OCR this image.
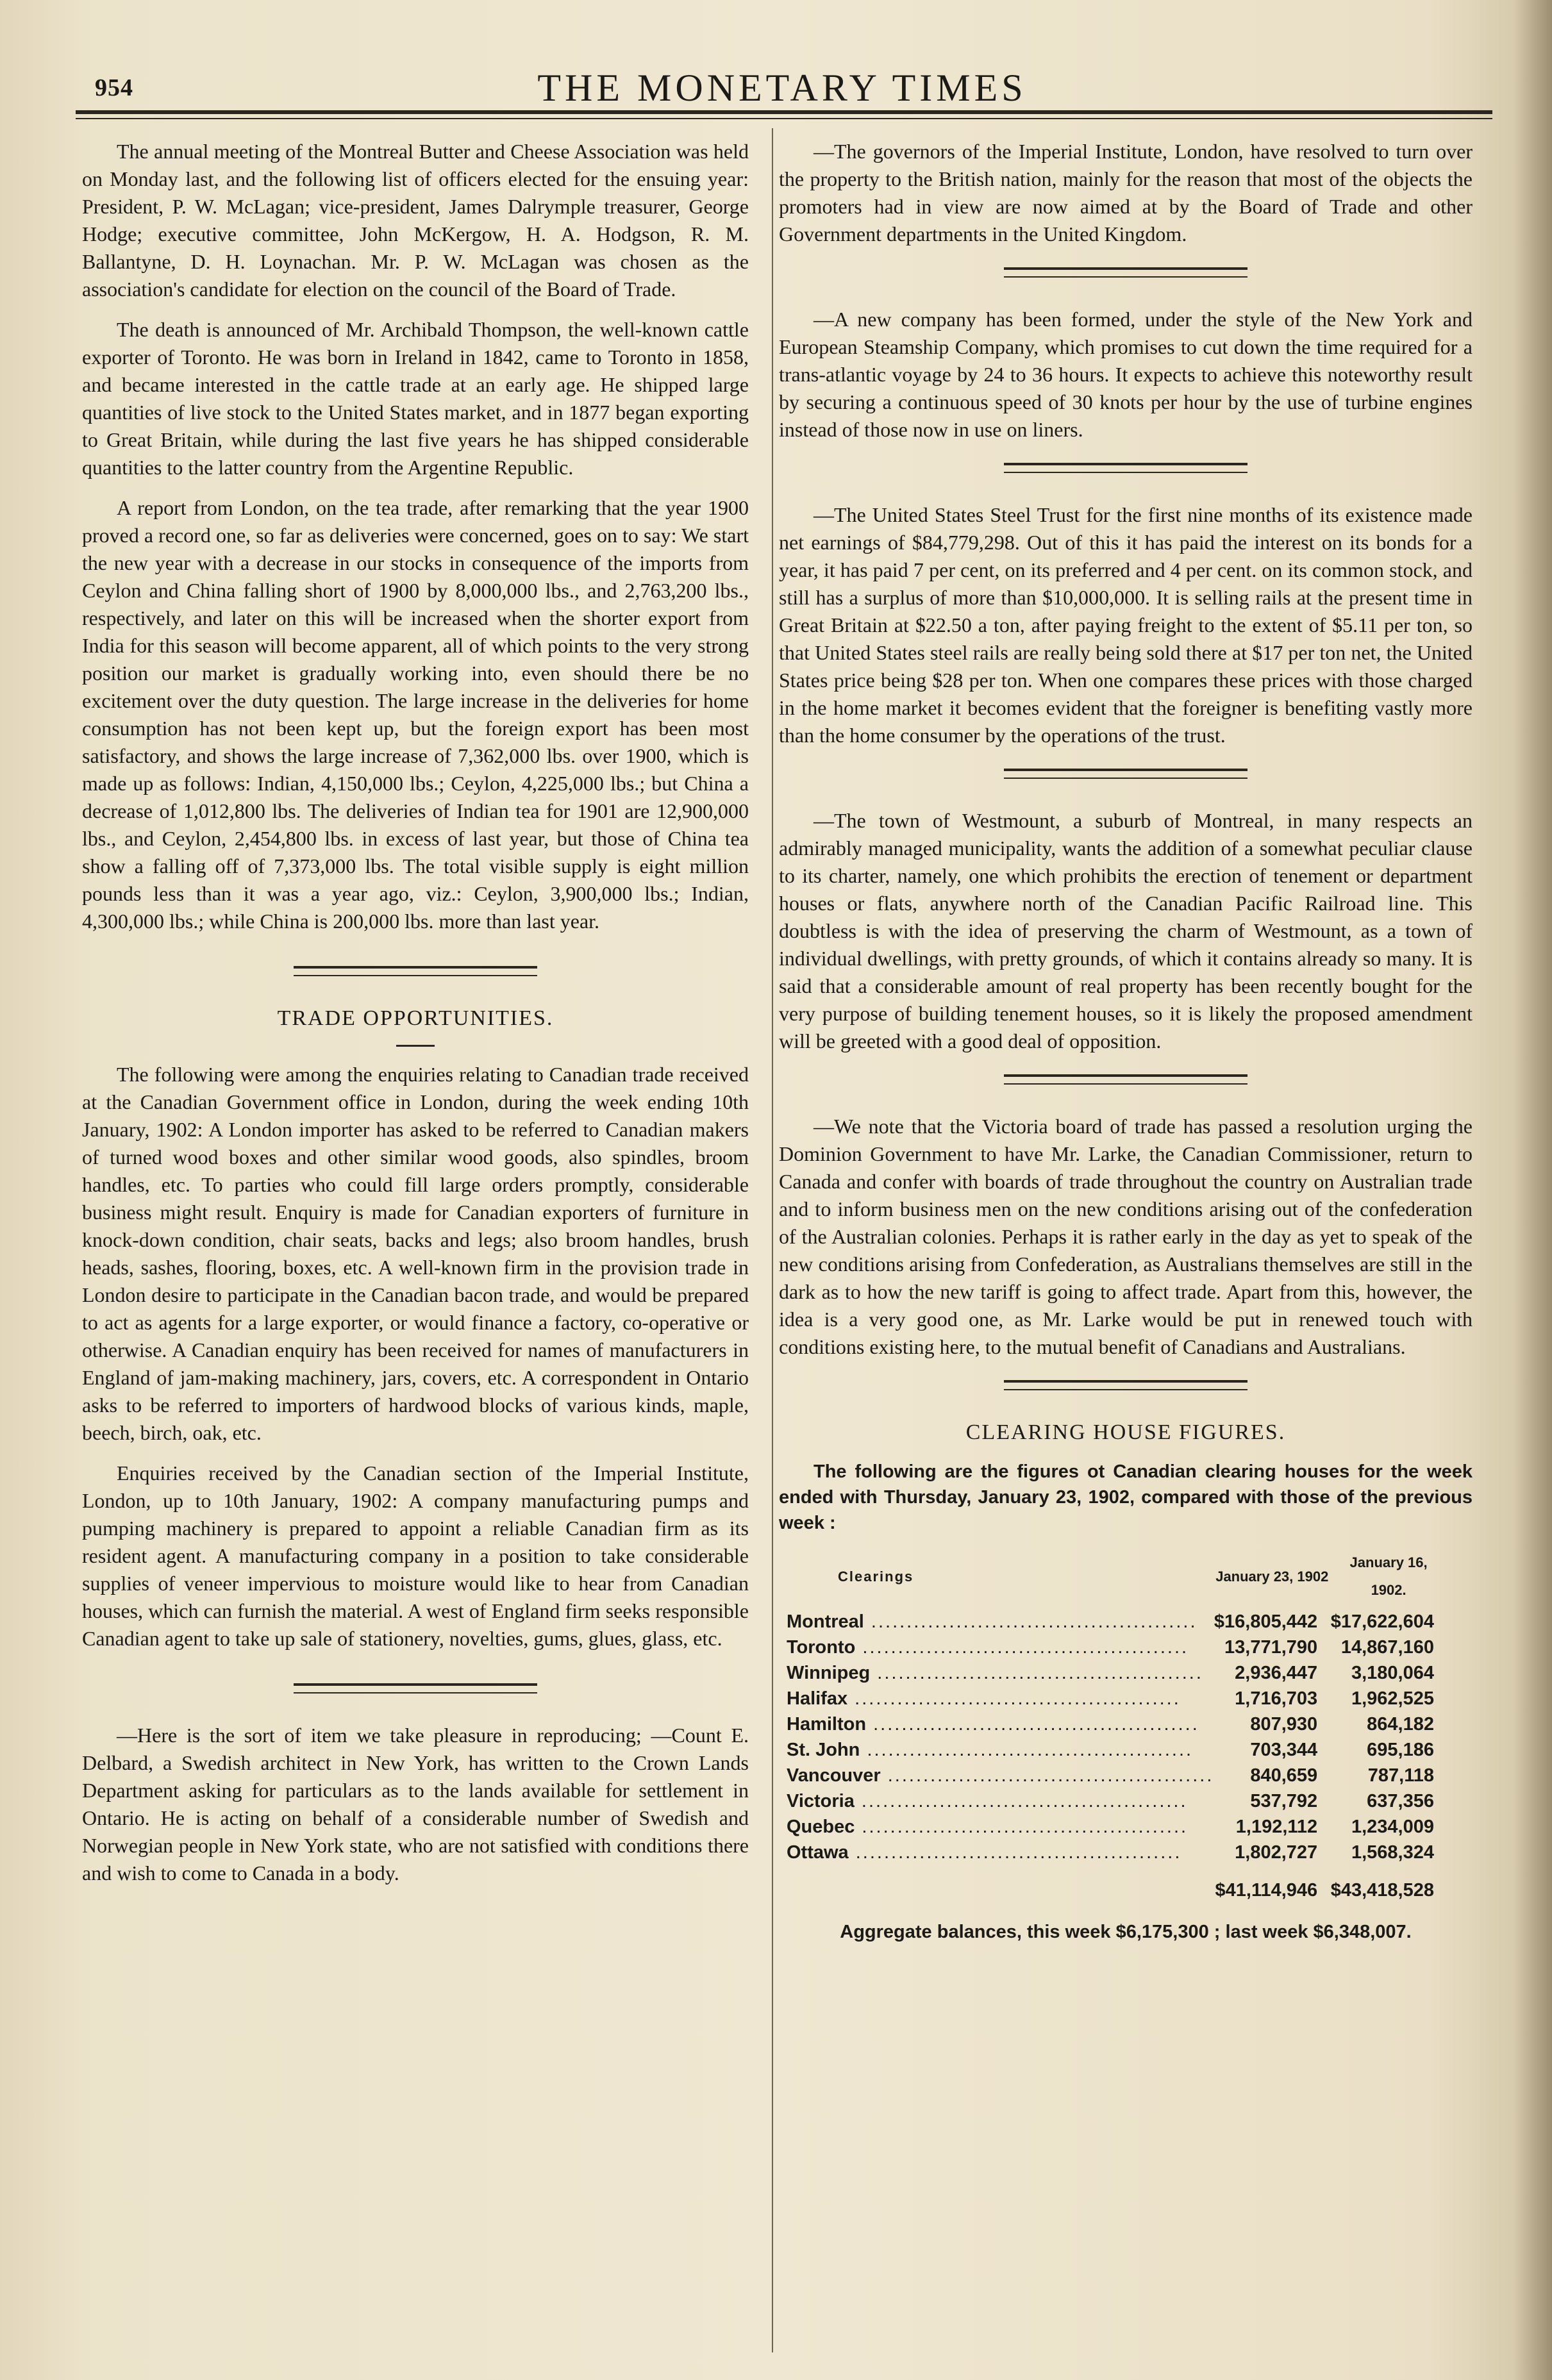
954	THE MONETARY TIMES

The annual meeting of the Montreal Butter and Cheese Association was held on Monday last, and the following list of officers elected for the ensuing year: President, P. W. McLagan; vice-president, James Dalrymple treasurer, George Hodge; executive committee, John McKergow, H. A. Hodgson, R. M. Ballantyne, D. H. Loynachan. Mr. P. W. McLagan was chosen as the association's candidate for election on the council of the Board of Trade.

The death is announced of Mr. Archibald Thompson, the well-known cattle exporter of Toronto. He was born in Ireland in 1842, came to Toronto in 1858, and became interested in the cattle trade at an early age. He shipped large quantities of live stock to the United States market, and in 1877 began exporting to Great Britain, while during the last five years he has shipped considerable quantities to the latter country from the Argentine Republic.

A report from London, on the tea trade, after remarking that the year 1900 proved a record one, so far as deliveries were concerned, goes on to say: We start the new year with a decrease in our stocks in consequence of the imports from Ceylon and China falling short of 1900 by 8,000,000 lbs., and 2,763,200 lbs., respectively, and later on this will be increased when the shorter export from India for this season will become apparent, all of which points to the very strong position our market is gradually working into, even should there be no excitement over the duty question. The large increase in the deliveries for home consumption has not been kept up, but the foreign export has been most satisfactory, and shows the large increase of 7,362,000 lbs. over 1900, which is made up as follows: Indian, 4,150,000 lbs.; Ceylon, 4,225,000 lbs.; but China a decrease of 1,012,800 lbs. The deliveries of Indian tea for 1901 are 12,900,000 lbs., and Ceylon, 2,454,800 lbs. in excess of last year, but those of China tea show a falling off of 7,373,000 lbs. The total visible supply is eight million pounds less than it was a year ago, viz.: Ceylon, 3,900,000 lbs.; Indian, 4,300,000 lbs.; while China is 200,000 lbs. more than last year.

TRADE OPPORTUNITIES.

The following were among the enquiries relating to Canadian trade received at the Canadian Government office in London, during the week ending 10th January, 1902: A London importer has asked to be referred to Canadian makers of turned wood boxes and other similar wood goods, also spindles, broom handles, etc. To parties who could fill large orders promptly, considerable business might result. Enquiry is made for Canadian exporters of furniture in knock-down condition, chair seats, backs and legs; also broom handles, brush heads, sashes, flooring, boxes, etc. A well-known firm in the provision trade in London desire to participate in the Canadian bacon trade, and would be prepared to act as agents for a large exporter, or would finance a factory, co-operative or otherwise. A Canadian enquiry has been received for names of manufacturers in England of jam-making machinery, jars, covers, etc. A correspondent in Ontario asks to be referred to importers of hardwood blocks of various kinds, maple, beech, birch, oak, etc.

Enquiries received by the Canadian section of the Imperial Institute, London, up to 10th January, 1902: A company manufacturing pumps and pumping machinery is prepared to appoint a reliable Canadian firm as its resident agent. A manufacturing company in a position to take considerable supplies of veneer impervious to moisture would like to hear from Canadian houses, which can furnish the material. A west of England firm seeks responsible Canadian agent to take up sale of stationery, novelties, gums, glues, glass, etc.

—Here is the sort of item we take pleasure in reproducing; —Count E. Delbard, a Swedish architect in New York, has written to the Crown Lands Department asking for particulars as to the lands available for settlement in Ontario. He is acting on behalf of a considerable number of Swedish and Norwegian people in New York state, who are not satisfied with conditions there and wish to come to Canada in a body.

—The governors of the Imperial Institute, London, have resolved to turn over the property to the British nation, mainly for the reason that most of the objects the promoters had in view are now aimed at by the Board of Trade and other Government departments in the United Kingdom.

—A new company has been formed, under the style of the New York and European Steamship Company, which promises to cut down the time required for a trans-atlantic voyage by 24 to 36 hours. It expects to achieve this noteworthy result by securing a continuous speed of 30 knots per hour by the use of turbine engines instead of those now in use on liners.

—The United States Steel Trust for the first nine months of its existence made net earnings of $84,779,298. Out of this it has paid the interest on its bonds for a year, it has paid 7 per cent, on its preferred and 4 per cent. on its common stock, and still has a surplus of more than $10,000,000. It is selling rails at the present time in Great Britain at $22.50 a ton, after paying freight to the extent of $5.11 per ton, so that United States steel rails are really being sold there at $17 per ton net, the United States price being $28 per ton. When one compares these prices with those charged in the home market it becomes evident that the foreigner is benefiting vastly more than the home consumer by the operations of the trust.

—The town of Westmount, a suburb of Montreal, in many respects an admirably managed municipality, wants the addition of a somewhat peculiar clause to its charter, namely, one which prohibits the erection of tenement or department houses or flats, anywhere north of the Canadian Pacific Railroad line. This doubtless is with the idea of preserving the charm of Westmount, as a town of individual dwellings, with pretty grounds, of which it contains already so many. It is said that a considerable amount of real property has been recently bought for the very purpose of building tenement houses, so it is likely the proposed amendment will be greeted with a good deal of opposition.

—We note that the Victoria board of trade has passed a resolution urging the Dominion Government to have Mr. Larke, the Canadian Commissioner, return to Canada and confer with boards of trade throughout the country on Australian trade and to inform business men on the new conditions arising out of the confederation of the Australian colonies. Perhaps it is rather early in the day as yet to speak of the new conditions arising from Confederation, as Australians themselves are still in the dark as to how the new tariff is going to affect trade. Apart from this, however, the idea is a very good one, as Mr. Larke would be put in renewed touch with conditions existing here, to the mutual benefit of Canadians and Australians.

CLEARING HOUSE FIGURES.

The following are the figures ot Canadian clearing houses for the week ended with Thursday, January 23, 1902, compared with those of the previous week :

Clearings	January 23, 1902	January 16, 1902.
Montreal ..............................................	$16,805,442	$17,622,604
Toronto ..............................................	13,771,790	14,867,160
Winnipeg ..............................................	2,936,447	3,180,064
Halifax ..............................................	1,716,703	1,962,525
Hamilton ..............................................	807,930	864,182
St. John ..............................................	703,344	695,186
Vancouver ..............................................	840,659	787,118
Victoria ..............................................	537,792	637,356
Quebec ..............................................	1,192,112	1,234,009
Ottawa ..............................................	1,802,727	1,568,324
	$41,114,946	$43,418,528
Aggregate balances, this week $6,175,300 ; last week $6,348,007.
